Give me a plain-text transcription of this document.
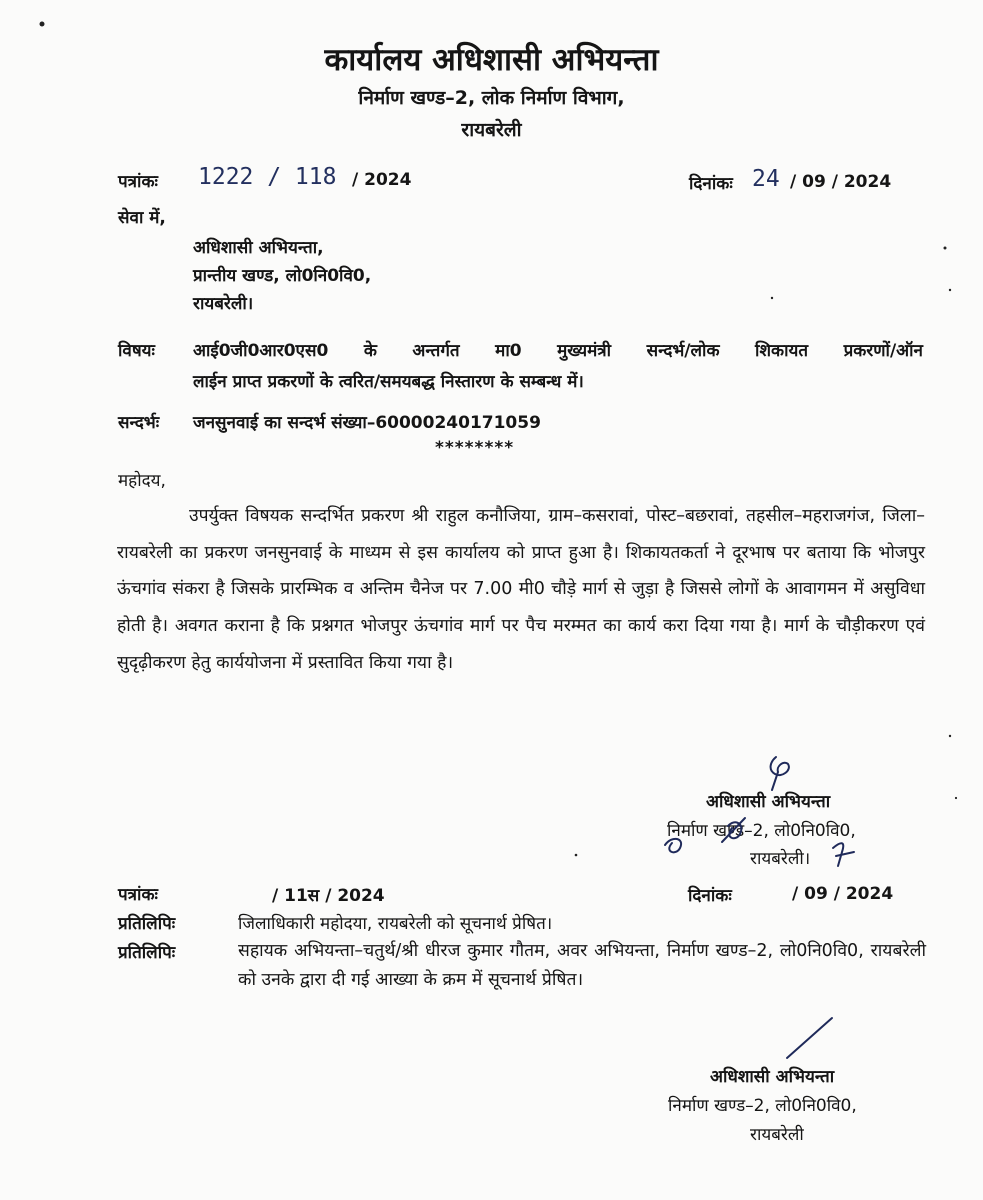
कार्यालय अधिशासी अभियन्ता
निर्माण खण्ड–2, लोक निर्माण विभाग,
रायबरेली
पत्रांकः 1222 / 118 / 2024	दिनांकः 24 / 09 / 2024
सेवा में,
अधिशासी अभियन्ता,
प्रान्तीय खण्ड, लो0नि0वि0,
रायबरेली।
विषयः आई0जी0आर0एस0 के अन्तर्गत मा0 मुख्यमंत्री सन्दर्भ/लोक शिकायत प्रकरणों/ऑन
लाईन प्राप्त प्रकरणों के त्वरित/समयबद्ध निस्तारण के सम्बन्ध में।
सन्दर्भः जनसुनवाई का सन्दर्भ संख्या–60000240171059
********
महोदय,

उपर्युक्त विषयक सन्दर्भित प्रकरण श्री राहुल कनौजिया, ग्राम–कसरावां, पोस्ट–बछरावां, तहसील–महराजगंज, जिला–रायबरेली का प्रकरण जनसुनवाई के माध्यम से इस कार्यालय को प्राप्त हुआ है। शिकायतकर्ता ने दूरभाष पर बताया कि भोजपुर ऊंचगांव संकरा है जिसके प्रारम्भिक व अन्तिम चैनेज पर 7.00 मी0 चौड़े मार्ग से जुड़ा है जिससे लोगों के आवागमन में असुविधा होती है। अवगत कराना है कि प्रश्नगत भोजपुर ऊंचगांव मार्ग पर पैच मरम्मत का कार्य करा दिया गया है। मार्ग के चौड़ीकरण एवं सुदृढ़ीकरण हेतु कार्ययोजना में प्रस्तावित किया गया है।

अधिशासी अभियन्ता
निर्माण खण्ड–2, लो0नि0वि0,
रायबरेली।
पत्रांकः	/ 11स / 2024	दिनांकः	/ 09 / 2024
प्रतिलिपिः	जिलाधिकारी महोदया, रायबरेली को सूचनार्थ प्रेषित।
प्रतिलिपिः	सहायक अभियन्ता–चतुर्थ/श्री धीरज कुमार गौतम, अवर अभियन्ता, निर्माण खण्ड–2, लो0नि0वि0, रायबरेली को उनके द्वारा दी गई आख्या के क्रम में सूचनार्थ प्रेषित।

अधिशासी अभियन्ता
निर्माण खण्ड–2, लो0नि0वि0,
रायबरेली
